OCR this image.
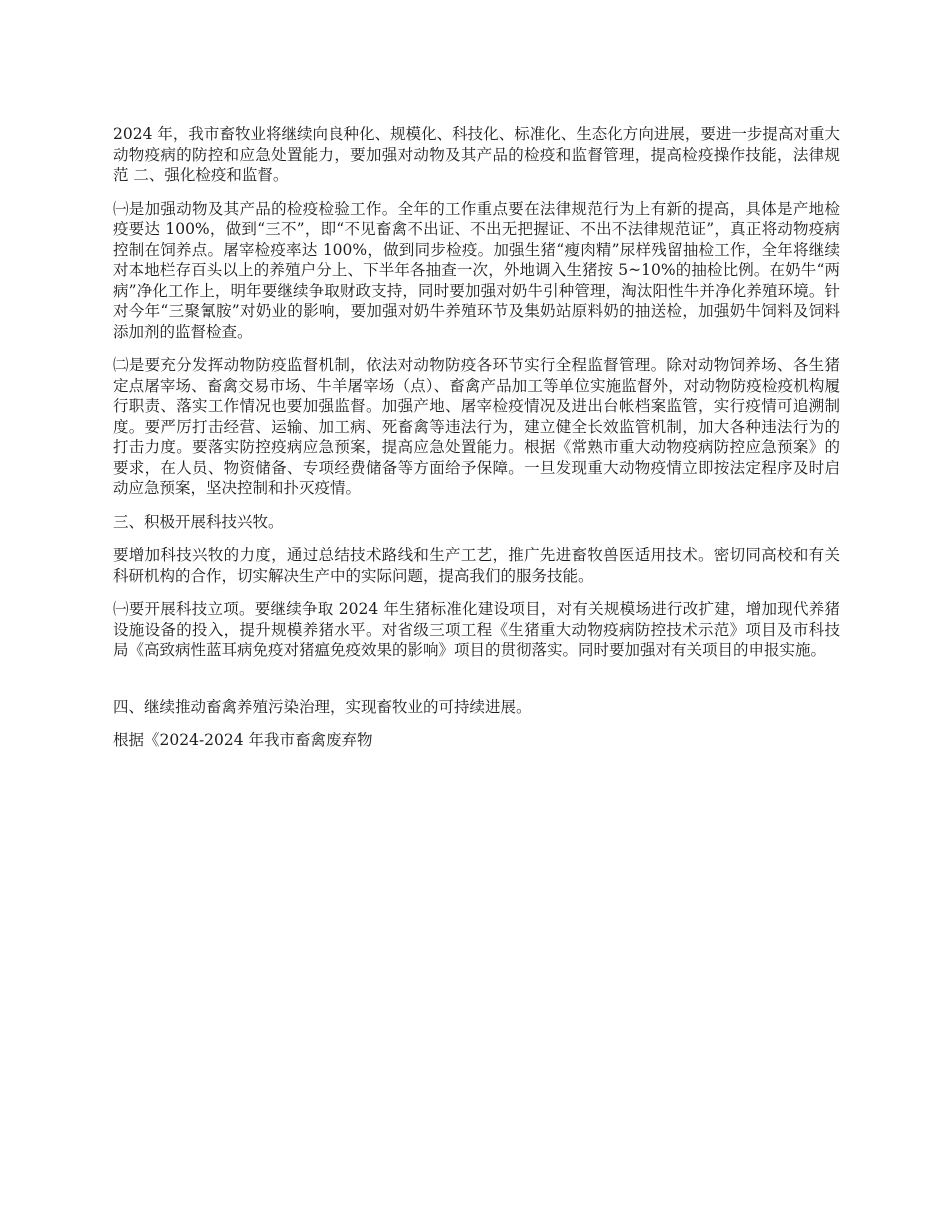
2024 年，我市畜牧业将继续向良种化、规模化、科技化、标准化、生态化方向进展，要进一步提高对重大动物疫病的防控和应急处置能力，要加强对动物及其产品的检疫和监督管理，提高检疫操作技能，法律规范 二、强化检疫和监督。

㈠是加强动物及其产品的检疫检验工作。全年的工作重点要在法律规范行为上有新的提高，具体是产地检疫要达 100%，做到“三不”，即“不见畜禽不出证、不出无把握证、不出不法律规范证”，真正将动物疫病控制在饲养点。屠宰检疫率达 100%，做到同步检疫。加强生猪“瘦肉精”尿样残留抽检工作，全年将继续对本地栏存百头以上的养殖户分上、下半年各抽查一次，外地调入生猪按 5~10%的抽检比例。在奶牛“两病”净化工作上，明年要继续争取财政支持，同时要加强对奶牛引种管理，淘汰阳性牛并净化养殖环境。针对今年“三聚氰胺”对奶业的影响，要加强对奶牛养殖环节及集奶站原料奶的抽送检，加强奶牛饲料及饲料添加剂的监督检查。

㈡是要充分发挥动物防疫监督机制，依法对动物防疫各环节实行全程监督管理。除对动物饲养场、各生猪定点屠宰场、畜禽交易市场、牛羊屠宰场（点）、畜禽产品加工等单位实施监督外，对动物防疫检疫机构履行职责、落实工作情况也要加强监督。加强产地、屠宰检疫情况及进出台帐档案监管，实行疫情可追溯制度。要严厉打击经营、运输、加工病、死畜禽等违法行为，建立健全长效监管机制，加大各种违法行为的打击力度。要落实防控疫病应急预案，提高应急处置能力。根据《常熟市重大动物疫病防控应急预案》的要求，在人员、物资储备、专项经费储备等方面给予保障。一旦发现重大动物疫情立即按法定程序及时启动应急预案，坚决控制和扑灭疫情。

三、积极开展科技兴牧。

要增加科技兴牧的力度，通过总结技术路线和生产工艺，推广先进畜牧兽医适用技术。密切同高校和有关科研机构的合作，切实解决生产中的实际问题，提高我们的服务技能。

㈠要开展科技立项。要继续争取 2024 年生猪标准化建设项目，对有关规模场进行改扩建，增加现代养猪设施设备的投入，提升规模养猪水平。对省级三项工程《生猪重大动物疫病防控技术示范》项目及市科技局《高致病性蓝耳病免疫对猪瘟免疫效果的影响》项目的贯彻落实。同时要加强对有关项目的申报实施。

四、继续推动畜禽养殖污染治理，实现畜牧业的可持续进展。

根据《2024-2024 年我市畜禽废弃物
